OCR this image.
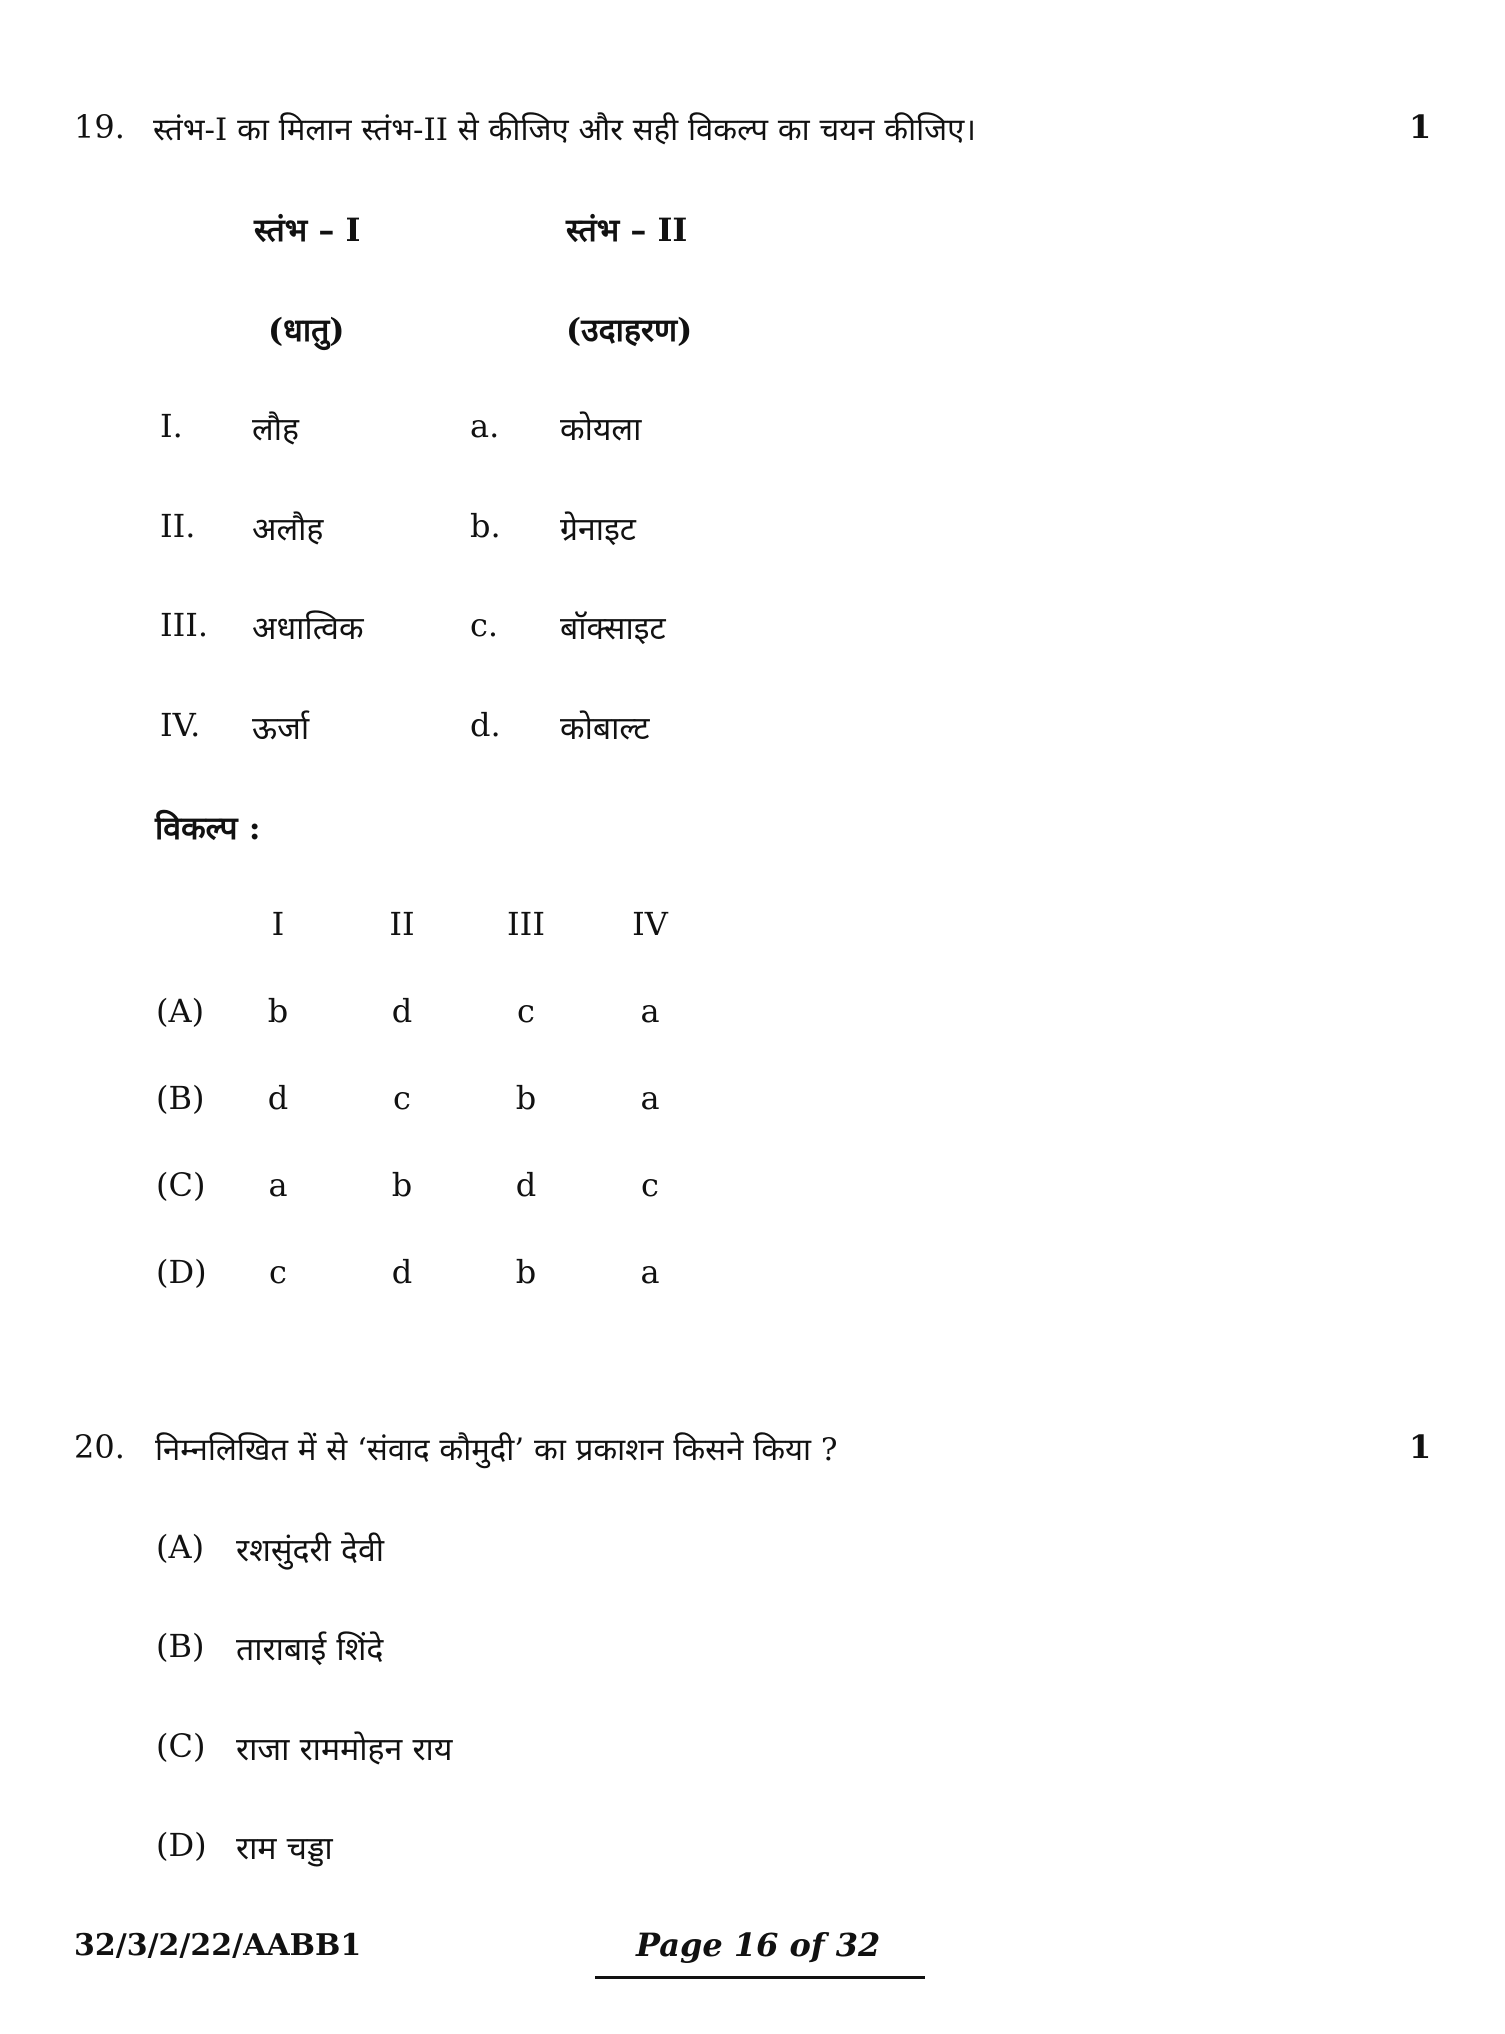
19. स्तंभ-I का मिलान स्तंभ-II से कीजिए और सही विकल्प का चयन कीजिए।	1
स्तंभ – I	स्तंभ – II
(धातु)	(उदाहरण)
I. लौह	a. कोयला
II. अलौह	b. ग्रेनाइट
III. अधात्विक	c. बॉक्साइट
IV. ऊर्जा	d. कोबाल्ट
विकल्प :
I	II	III	IV
(A)	b	d	c	a
(B)	d	c	b	a
(C)	a	b	d	c
(D)	c	d	b	a
20. निम्नलिखित में से ‘संवाद कौमुदी’ का प्रकाशन किसने किया ?	1
(A) रशसुंदरी देवी
(B) ताराबाई शिंदे
(C) राजा राममोहन राय
(D) राम चड्डा
32/3/2/22/AABB1	Page 16 of 32
